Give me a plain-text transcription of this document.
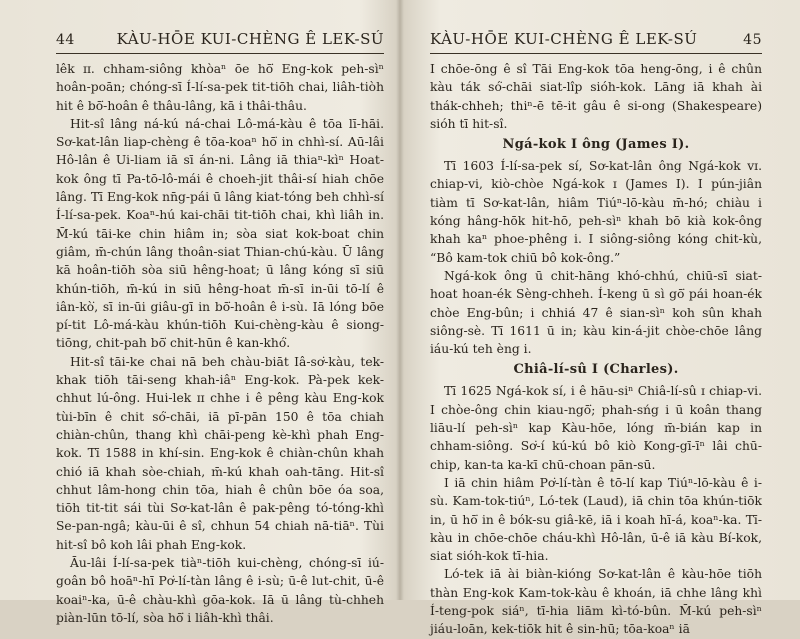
44	KÀU-HŌE KUI-CHÈNG Ê LEK-SÚ

lêk ɪɪ. chham-siông khòaⁿ ōe hō͘ Eng-kok peh-sìⁿ hoân-poān; chóng-sī Í-lí-sa-pek tit-tiōh chai, liâh-tiòh hit ê bō͘-hoân ê thâu-lâng, kā i thâi-thâu.

Hit-sî lâng ná-kú ná-chai Lô-má-kàu ê tōa lī-hāi. Sơ-kat-lân liap-chèng ê tōa-koaⁿ hō͘ in chhì-sí. Aū-lâi Hô-lân ê Ui-liam iā sī án-ni. Lâng iā thiaⁿ-kìⁿ Hoat-kok ông tī Pa-tō-lô-mái ê choeh-jit thâi-sí hiah chōe lâng. Tī Eng-kok nn̄g-pái ū lâng kiat-tóng beh chhì-sí Í-lí-sa-pek. Koaⁿ-hú kai-chāi tit-tiōh chai, khì liâh in. M̄-kú tāi-ke chin hiâm in; sòa siat kok-boat chin giâm, m̄-chún lâng thoân-siat Thian-chú-kàu. Ū lâng kā hoân-tiōh sòa siū hêng-hoat; ū lâng kóng sī siū khún-tiōh, m̄-kú in siū hêng-hoat m̄-sī in-ūi tō-lí ê iân-kò͘, sī in-ūi giâu-gī in bō͘-hoân ê i-sù. Iā lóng bōe pí-tit Lô-má-kàu khún-tiōh Kui-chèng-kàu ê siong-tiōng, chit-pah bō͘ chit-hūn ê kan-khó͘.

Hit-sî tāi-ke chai nā beh chàu-biāt Iâ-sơ͘-kàu, tek-khak tiōh tāi-seng khah-iâⁿ Eng-kok. Pà-pek kek-chhut lú-ông. Hui-lek ɪɪ chhe i ê pêng kàu Eng-kok tùi-bīn ê chit só͘-chāi, iā pī-pān 150 ê tōa chiah chiàn-chûn, thang khì chāi-peng kè-khì phah Eng-kok. Tī 1588 in khí-sin. Eng-kok ê chiàn-chûn khah chió iā khah sòe-chiah, m̄-kú khah oah-tāng. Hit-sî chhut lâm-hong chin tōa, hiah ê chûn bōe óa soa, tiōh tit-tit sái tùi Sơ-kat-lân ê pak-pêng tó-tóng-khì Se-pan-ngâ; kàu-ūi ê sî, chhun 54 chiah nā-tiāⁿ. Tùi hit-sî bô koh lâi phah Eng-kok.

Āu-lâi Í-lí-sa-pek tiàⁿ-tiōh kui-chèng, chóng-sī iú-goân bô hoāⁿ-hī Pơ͘-lí-tàn lâng ê i-sù; ū-ê lut-chit, ū-ê koaiⁿ-ka, ū-ê chàu-khì gōa-kok. Iā ū lâng tù-chheh piàn-lūn tō-lí, sòa hō͘ i liâh-khì thâi.

KÀU-HŌE KUI-CHÈNG Ê LEK-SÚ	45

I chōe-ōng ê sî Tāi Eng-kok tōa heng-ōng, i ê chûn kàu ták só͘-chāi siat-lîp sióh-kok. Lāng iā khah ài thák-chheh; thiⁿ-ē tē-it gâu ê si-ong (Shakespeare) sióh tī hit-sî.

Ngá-kok I ông (James I).

Tī 1603 Í-lí-sa-pek sí, Sơ-kat-lân ông Ngá-kok ᴠɪ. chiap-vi, kiò-chòe Ngá-kok ɪ (James I). I pún-jiân tiàm tī Sơ-kat-lân, hiâm Tiúⁿ-lō-kàu m̄-hó; chiàu i kóng hâng-hōk hit-hō, peh-sìⁿ khah bō kià kok-ông khah kaⁿ phoe-phêng i. I siông-siông kóng chit-kù, “Bô kam-tok chiū bô kok-ông.”

Ngá-kok ông ū chit-hāng khó-chhú, chiū-sī siat-hoat hoan-ék Sèng-chheh. Í-keng ū sì gō͘ pái hoan-ék chòe Eng-bûn; i chhiá 47 ê sian-sìⁿ koh sûn khah siông-sè. Tī 1611 ū in; kàu kin-á-jit chòe-chōe lâng iáu-kú teh èng i.

Chiâ-lí-sû I (Charles).

Tī 1625 Ngá-kok sí, i ê hāu-siⁿ Chiâ-lí-sû ɪ chiap-vi. I chòe-ông chin kiau-ngō͘; phah-sńg i ū koân thang liāu-lí peh-sìⁿ kap Kàu-hōe, lóng m̄-bián kap in chham-siông. Sơ͘-í kú-kú bô kiò Kong-gī-īⁿ lâi chū-chip, kan-ta ka-kī chū-choan pān-sū.

I iā chin hiâm Pơ͘-lí-tàn ê tō-lí kap Tiúⁿ-lō-kàu ê i-sù. Kam-tok-tiúⁿ, Ló-tek (Laud), iā chin tōa khún-tiōk in, ū hō͘ in ê bók-su giâ-kē, iā i koah hī-á, koaⁿ-ka. Tī-kàu in chōe-chōe cháu-khì Hô-lân, ū-ê iā kàu Bí-kok, siat sióh-kok tī-hia.

Ló-tek iā ài biàn-kióng Sơ-kat-lân ê kàu-hōe tiōh thàn Eng-kok Kam-tok-kàu ê khoán, iā chhe lâng khì Í-teng-pok siáⁿ, tī-hia liām kì-tó-bûn. M̄-kú peh-sìⁿ jiáu-loān, kek-tiōk hit ê sin-hū; tōa-koaⁿ iā
